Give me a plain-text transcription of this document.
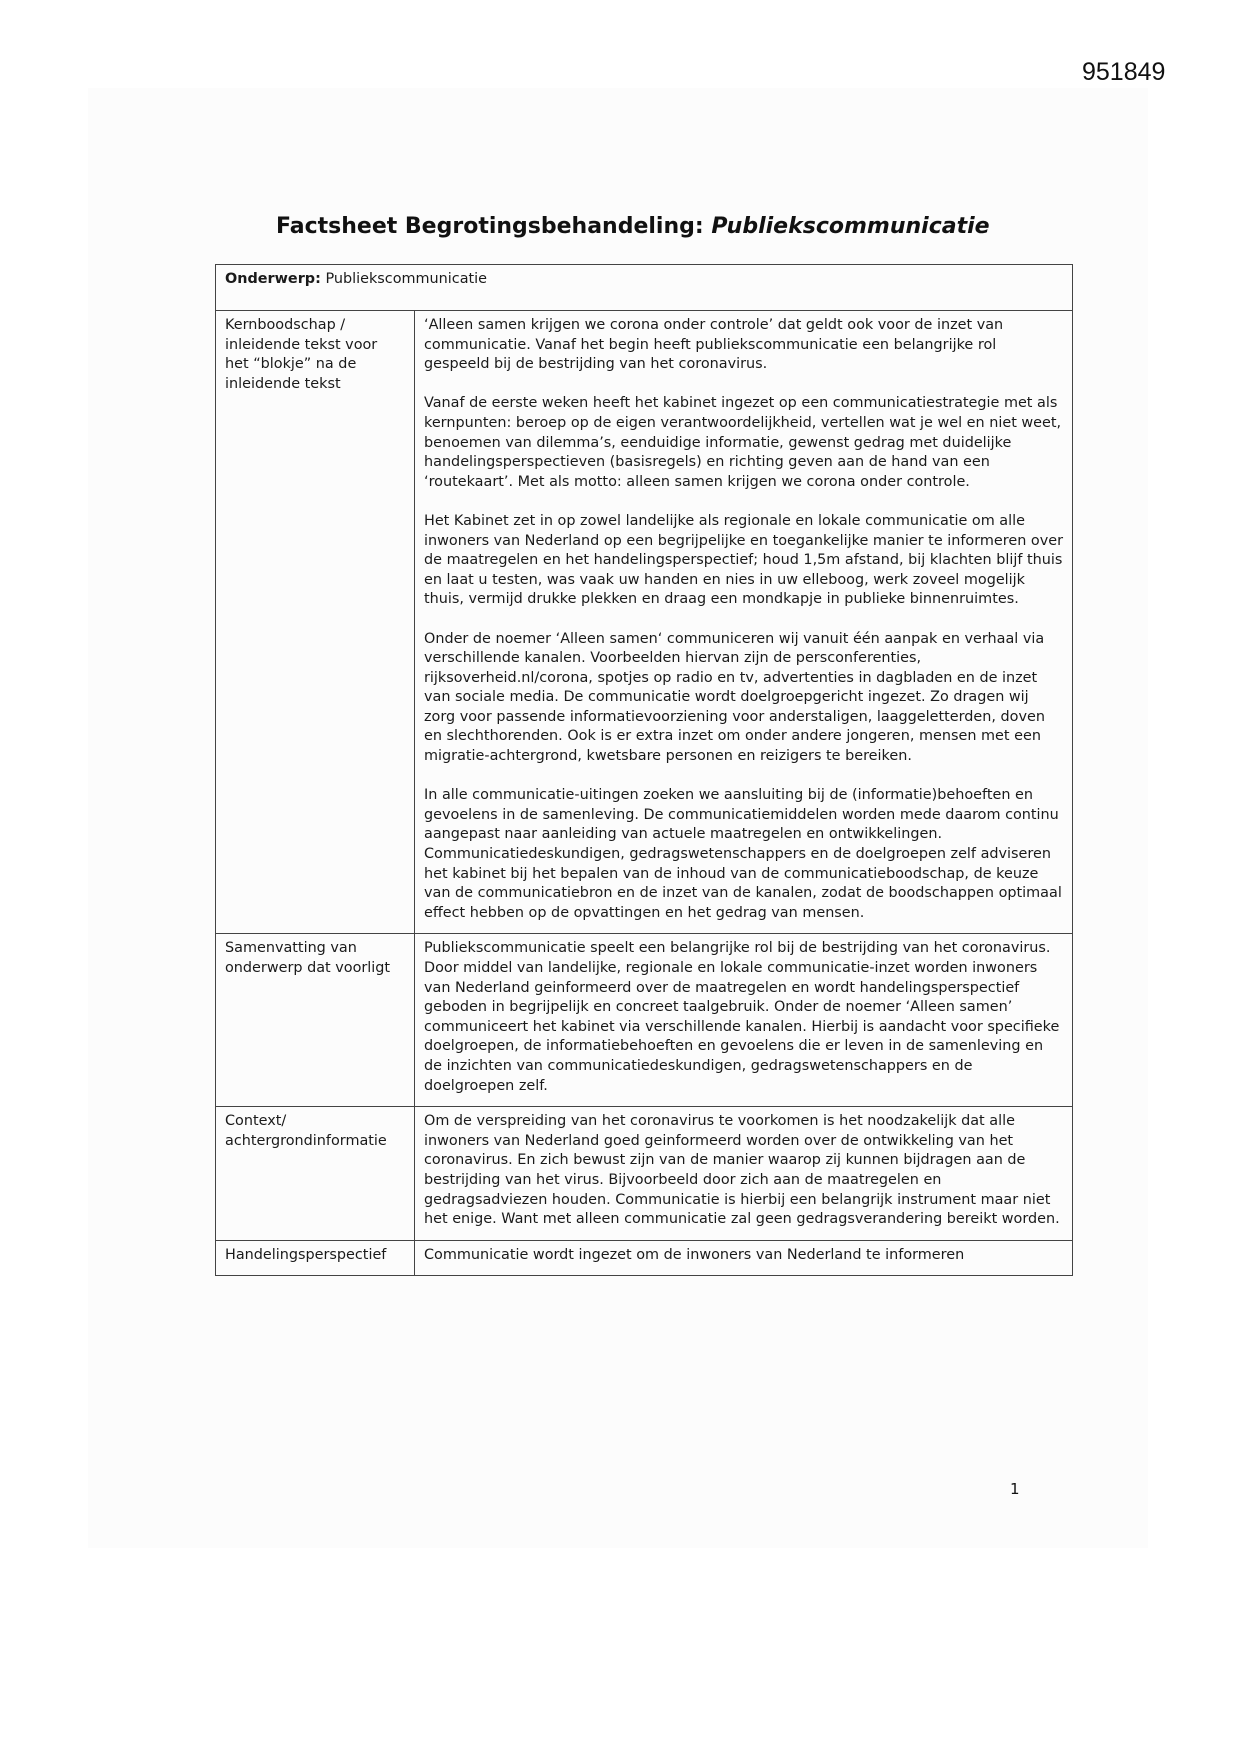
951849
Factsheet Begrotingsbehandeling: Publiekscommunicatie
Onderwerp: Publiekscommunicatie	
Kernboodschap / inleidende tekst voor het “blokje” na de inleidende tekst	‘Alleen samen krijgen we corona onder controle’ dat geldt ook voor de inzet van communicatie. Vanaf het begin heeft publiekscommunicatie een belangrijke rol gespeeld bij de bestrijding van het coronavirus.

Vanaf de eerste weken heeft het kabinet ingezet op een communicatiestrategie met als kernpunten: beroep op de eigen verantwoordelijkheid, vertellen wat je wel en niet weet, benoemen van dilemma’s, eenduidige informatie, gewenst gedrag met duidelijke handelingsperspectieven (basisregels) en richting geven aan de hand van een ‘routekaart’. Met als motto: alleen samen krijgen we corona onder controle.

Het Kabinet zet in op zowel landelijke als regionale en lokale communicatie om alle inwoners van Nederland op een begrijpelijke en toegankelijke manier te informeren over de maatregelen en het handelingsperspectief; houd 1,5m afstand, bij klachten blijf thuis en laat u testen, was vaak uw handen en nies in uw elleboog, werk zoveel mogelijk thuis, vermijd drukke plekken en draag een mondkapje in publieke binnenruimtes.

Onder de noemer ‘Alleen samen‘ communiceren wij vanuit één aanpak en verhaal via verschillende kanalen. Voorbeelden hiervan zijn de persconferenties, rijksoverheid.nl/corona, spotjes op radio en tv, advertenties in dagbladen en de inzet van sociale media. De communicatie wordt doelgroepgericht ingezet. Zo dragen wij zorg voor passende informatievoorziening voor anderstaligen, laaggeletterden, doven en slechthorenden. Ook is er extra inzet om onder andere jongeren, mensen met een migratie-achtergrond, kwetsbare personen en reizigers te bereiken.

In alle communicatie-uitingen zoeken we aansluiting bij de (informatie)behoeften en gevoelens in de samenleving. De communicatiemiddelen worden mede daarom continu aangepast naar aanleiding van actuele maatregelen en ontwikkelingen. Communicatiedeskundigen, gedragswetenschappers en de doelgroepen zelf adviseren het kabinet bij het bepalen van de inhoud van de communicatieboodschap, de keuze van de communicatiebron en de inzet van de kanalen, zodat de boodschappen optimaal effect hebben op de opvattingen en het gedrag van mensen.

Samenvatting van onderwerp dat voorligt	Publiekscommunicatie speelt een belangrijke rol bij de bestrijding van het coronavirus. Door middel van landelijke, regionale en lokale communicatie-inzet worden inwoners van Nederland geinformeerd over de maatregelen en wordt handelingsperspectief geboden in begrijpelijk en concreet taalgebruik. Onder de noemer ‘Alleen samen’ communiceert het kabinet via verschillende kanalen. Hierbij is aandacht voor specifieke doelgroepen, de informatiebehoeften en gevoelens die er leven in de samenleving en de inzichten van communicatiedeskundigen, gedragswetenschappers en de doelgroepen zelf.

Context/ achtergrondinformatie	Om de verspreiding van het coronavirus te voorkomen is het noodzakelijk dat alle inwoners van Nederland goed geinformeerd worden over de ontwikkeling van het coronavirus. En zich bewust zijn van de manier waarop zij kunnen bijdragen aan de bestrijding van het virus. Bijvoorbeeld door zich aan de maatregelen en gedragsadviezen houden. Communicatie is hierbij een belangrijk instrument maar niet het enige. Want met alleen communicatie zal geen gedragsverandering bereikt worden.

Handelingsperspectief	Communicatie wordt ingezet om de inwoners van Nederland te informeren

1
